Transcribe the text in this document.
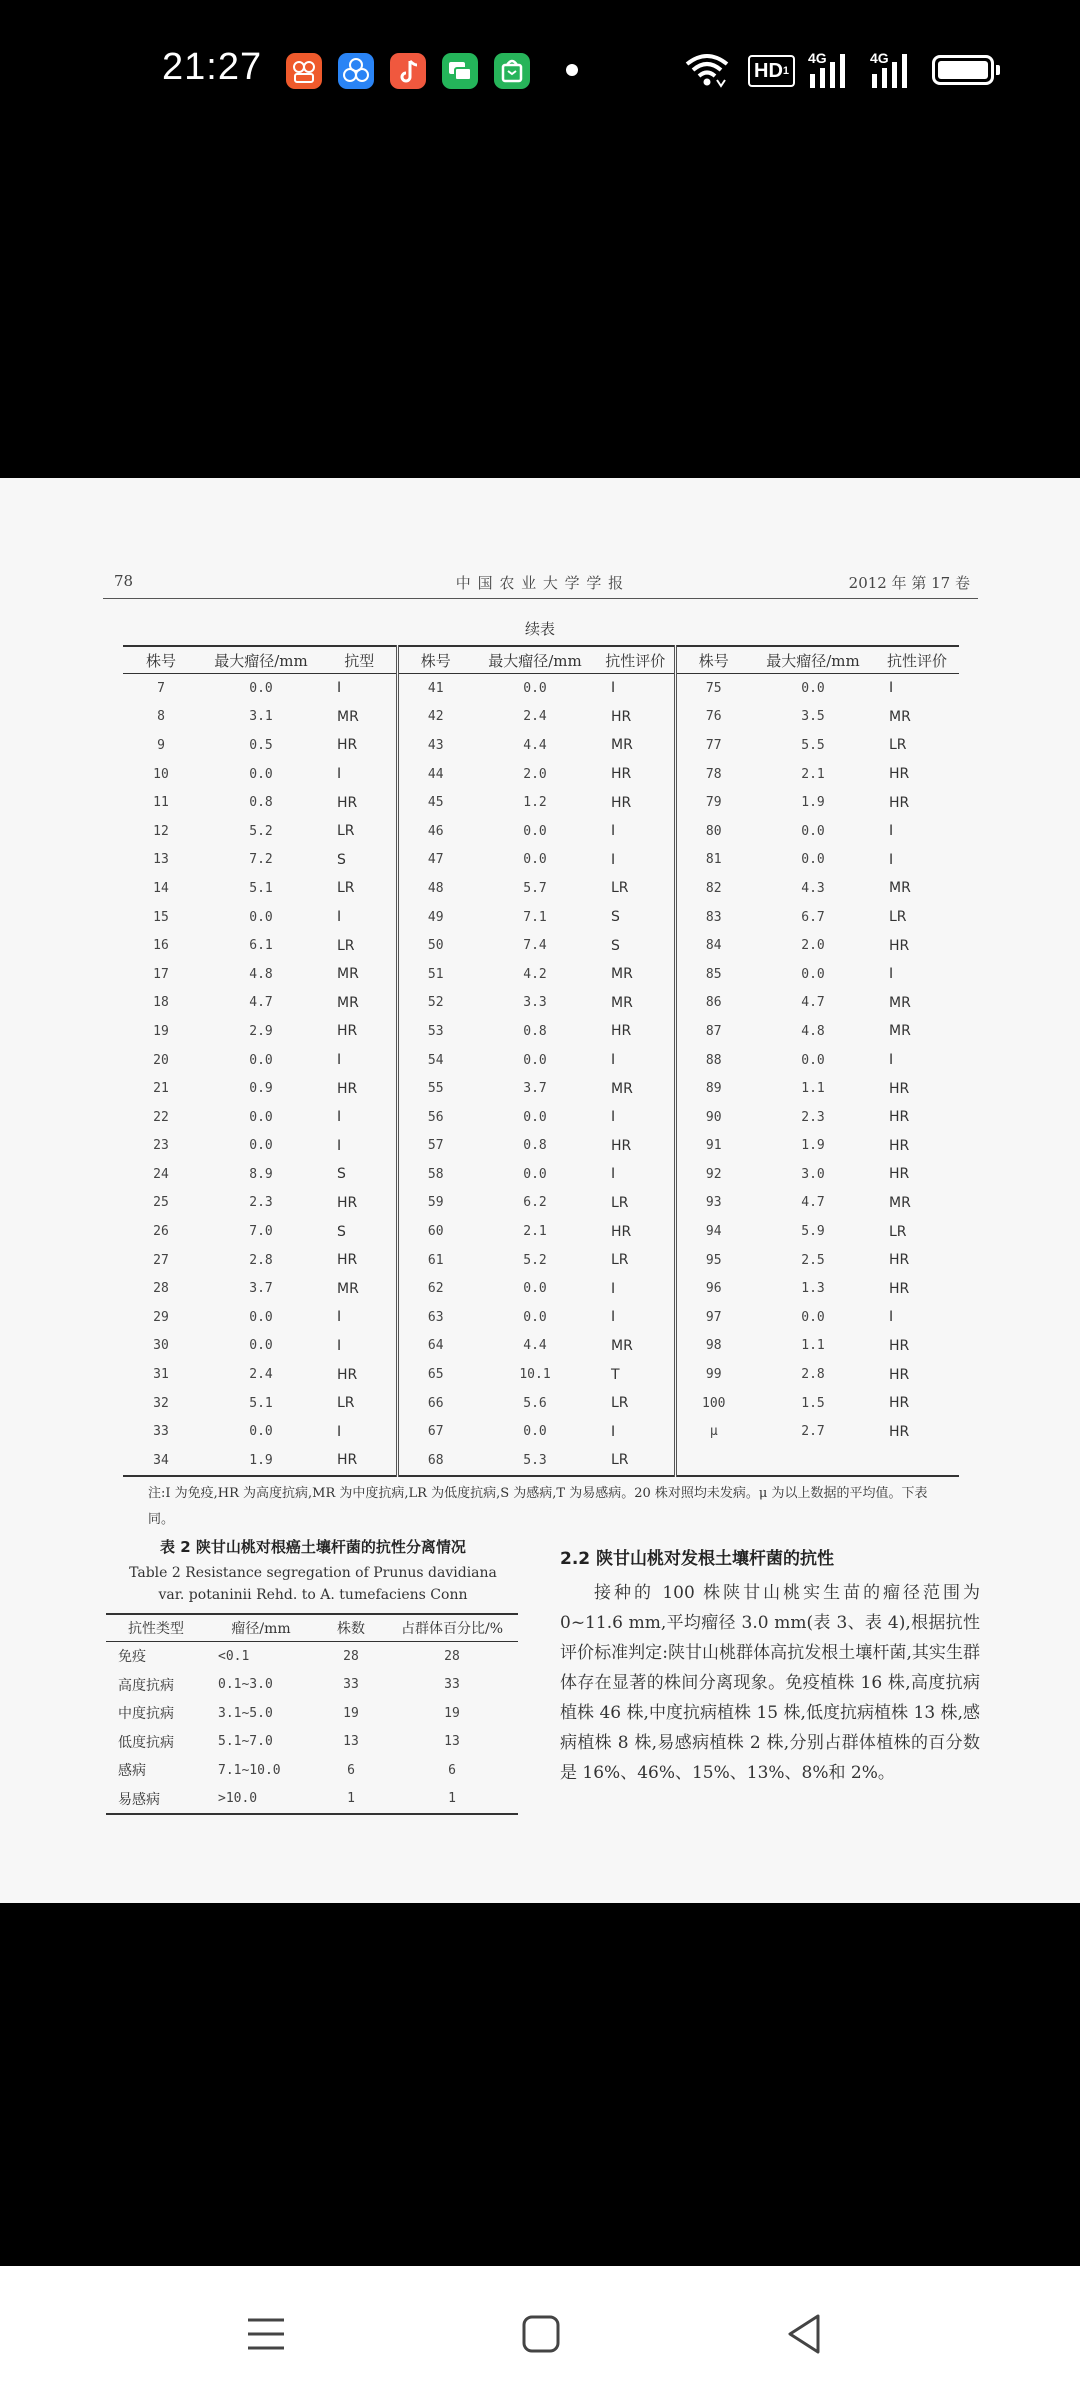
21:27	$HD^1$
4G	4G
78	中 国 农 业 大 学 学 报	2012 年 第 17 卷
续表
株号	最大瘤径/mm	抗型	株号	最大瘤径/mm	抗性评价	株号	最大瘤径/mm	抗性评价
7	0.0	I	41	0.0	I	75	0.0	I
8	3.1	MR	42	2.4	HR	76	3.5	MR
9	0.5	HR	43	4.4	MR	77	5.5	LR
10	0.0	I	44	2.0	HR	78	2.1	HR
11	0.8	HR	45	1.2	HR	79	1.9	HR
12	5.2	LR	46	0.0	I	80	0.0	I
13	7.2	S	47	0.0	I	81	0.0	I
14	5.1	LR	48	5.7	LR	82	4.3	MR
15	0.0	I	49	7.1	S	83	6.7	LR
16	6.1	LR	50	7.4	S	84	2.0	HR
17	4.8	MR	51	4.2	MR	85	0.0	I
18	4.7	MR	52	3.3	MR	86	4.7	MR
19	2.9	HR	53	0.8	HR	87	4.8	MR
20	0.0	I	54	0.0	I	88	0.0	I
21	0.9	HR	55	3.7	MR	89	1.1	HR
22	0.0	I	56	0.0	I	90	2.3	HR
23	0.0	I	57	0.8	HR	91	1.9	HR
24	8.9	S	58	0.0	I	92	3.0	HR
25	2.3	HR	59	6.2	LR	93	4.7	MR
26	7.0	S	60	2.1	HR	94	5.9	LR
27	2.8	HR	61	5.2	LR	95	2.5	HR
28	3.7	MR	62	0.0	I	96	1.3	HR
29	0.0	I	63	0.0	I	97	0.0	I
30	0.0	I	64	4.4	MR	98	1.1	HR
31	2.4	HR	65	10.1	T	99	2.8	HR
32	5.1	LR	66	5.6	LR	100	1.5	HR
33	0.0	I	67	0.0	I	μ	2.7	HR
34	1.9	HR	68	5.3	LR			
注:I 为免疫,HR 为高度抗病,MR 为中度抗病,LR 为低度抗病,S 为感病,T 为易感病。20 株对照均未发病。μ 为以上数据的平均值。下表同。
表 2 陕甘山桃对根癌土壤杆菌的抗性分离情况
Table 2 Resistance segregation of Prunus davidiana
var. potaninii Rehd. to A. tumefaciens Conn
抗性类型	瘤径/mm	株数	占群体百分比/%
免疫	<0.1	28	28
高度抗病	0.1~3.0	33	33
中度抗病	3.1~5.0	19	19
低度抗病	5.1~7.0	13	13
感病	7.1~10.0	6	6
易感病	>10.0	1	1
2.2 陕甘山桃对发根土壤杆菌的抗性
接种的 100 株陕甘山桃实生苗的瘤径范围为 0~11.6 mm,平均瘤径 3.0 mm(表 3、表 4),根据抗性评价标准判定:陕甘山桃群体高抗发根土壤杆菌,其实生群体存在显著的株间分离现象。免疫植株 16 株,高度抗病植株 46 株,中度抗病植株 15 株,低度抗病植株 13 株,感病植株 8 株,易感病植株 2 株,分别占群体植株的百分数是 16%、46%、15%、13%、8%和 2%。
